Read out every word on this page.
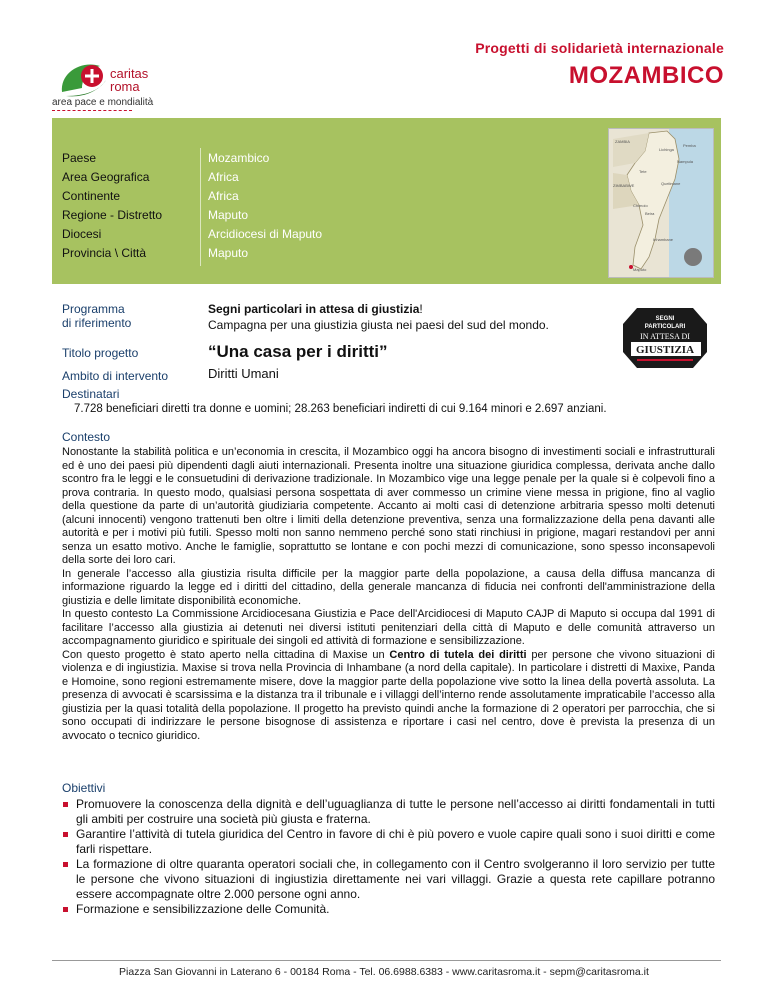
caritas
roma
area pace e mondialità
Progetti di solidarietà internazionale
MOZAMBICO
Paese	Mozambico
Area Geografica	Africa
Continente	Africa
Regione - Distretto	Maputo
Diocesi	Arcidiocesi di Maputo
Provincia \ Città	Maputo
ZAMBIA
ZIMBABWE
Lichinga
Pemba
Nampula
Quelimane
Beira
Chimoio
Tete
Inhambane
Maputo
Programma
di riferimento
Segni particolari in attesa di giustizia!
Campagna per una giustizia giusta nei paesi del sud del mondo.	SEGNI
PARTICOLARI
IN ATTESA DI
GIUSTIZIA
Titolo progetto	“Una casa per i diritti”
Ambito di intervento	Diritti Umani
Destinatari
7.728 beneficiari diretti tra donne e uomini; 28.263 beneficiari indiretti di cui 9.164 minori e 2.697 anziani.
Contesto
Nonostante la stabilità politica e un’economia in crescita, il Mozambico oggi ha ancora bisogno di investimenti sociali e infrastrutturali ed è uno dei paesi più dipendenti dagli aiuti internazionali. Presenta inoltre una situazione giuridica complessa, derivata anche dallo scontro fra le leggi e le consuetudini di derivazione tradizionale. In Mozambico vige una legge penale per la quale si è colpevoli fino a prova contraria. In questo modo, qualsiasi persona sospettata di aver commesso un crimine viene messa in prigione, fino al vaglio della questione da parte di un’autorità giudiziaria competente. Accanto ai molti casi di detenzione arbitraria spesso molti detenuti (alcuni innocenti) vengono trattenuti ben oltre i limiti della detenzione preventiva, senza una formalizzazione della pena davanti alle autorità e per i motivi più futili. Spesso molti non sanno nemmeno perché sono stati rinchiusi in prigione, magari restandovi per anni senza un esatto motivo. Anche le famiglie, soprattutto se lontane e con pochi mezzi di comunicazione, sono spesso inconsapevoli della sorte dei loro cari.
In generale l’accesso alla giustizia risulta difficile per la maggior parte della popolazione, a causa della diffusa mancanza di informazione riguardo la legge ed i diritti del cittadino, della generale mancanza di fiducia nei confronti dell'amministrazione della giustizia e delle limitate disponibilità economiche.
In questo contesto La Commissione Arcidiocesana Giustizia e Pace dell'Arcidiocesi di Maputo CAJP di Maputo si occupa dal 1991 di facilitare l’accesso alla giustizia ai detenuti nei diversi istituti penitenziari della città di Maputo e delle comunità attraverso un accompagnamento giuridico e spirituale dei singoli ed attività di formazione e sensibilizzazione.
Con questo progetto è stato aperto nella cittadina di Maxise un Centro di tutela dei diritti per persone che vivono situazioni di violenza e di ingiustizia. Maxise si trova nella Provincia di Inhambane (a nord della capitale). In particolare i distretti di Maxixe, Panda e Homoine, sono regioni estremamente misere, dove la maggior parte della popolazione vive sotto la linea della povertà assoluta. La presenza di avvocati è scarsissima e la distanza tra il tribunale e i villaggi dell’interno rende assolutamente impraticabile l’accesso alla giustizia per la quasi totalità della popolazione. Il progetto ha previsto quindi anche la formazione di 2 operatori per parrocchia, che si sono occupati di indirizzare le persone bisognose di assistenza e riportare i casi nel centro, dove è prevista la presenza di un avvocato o tecnico giuridico.
Obiettivi
Promuovere la conoscenza della dignità e dell’uguaglianza di tutte le persone nell’accesso ai diritti fondamentali in tutti gli ambiti per costruire una società più giusta e fraterna.
Garantire l’attività di tutela giuridica del Centro in favore di chi è più povero e vuole capire quali sono i suoi diritti e come farli rispettare.
La formazione di oltre quaranta operatori sociali che, in collegamento con il Centro svolgeranno il loro servizio per tutte le persone che vivono situazioni di ingiustizia direttamente nei vari villaggi. Grazie a questa rete capillare potranno essere accompagnate oltre 2.000 persone ogni anno.
Formazione e sensibilizzazione delle Comunità.
Piazza San Giovanni in Laterano 6 - 00184 Roma - Tel. 06.6988.6383 - www.caritasroma.it - sepm@caritasroma.it
